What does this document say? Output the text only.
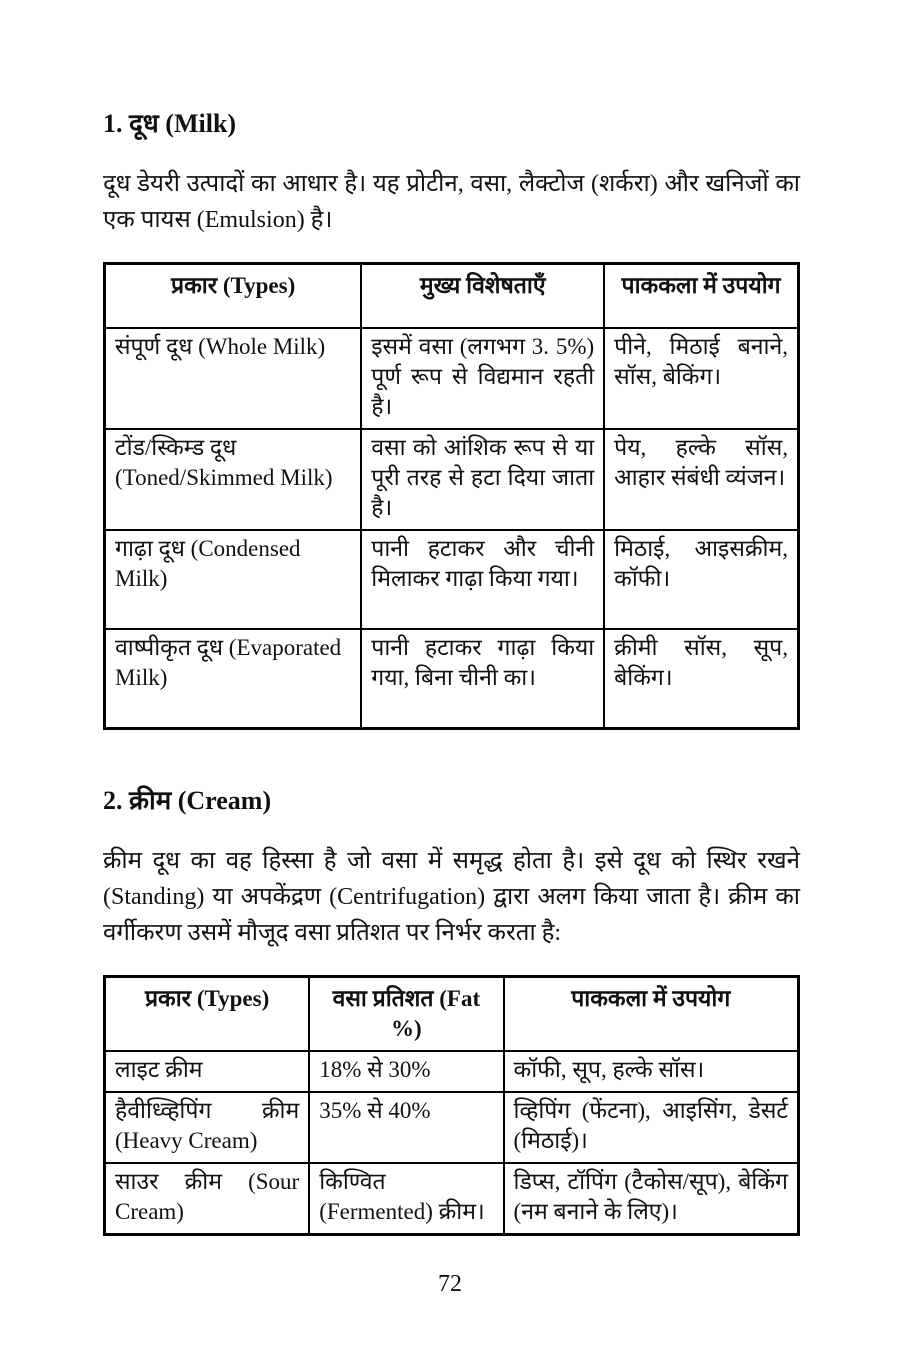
1. दूध (Milk)

दूध डेयरी उत्पादों का आधार है। यह प्रोटीन, वसा, लैक्टोज (शर्करा) और खनिजों का एक पायस (Emulsion) है।

प्रकार (Types)	मुख्य विशेषताएँ	पाककला में उपयोग
संपूर्ण दूध (Whole Milk)	इसमें वसा (लगभग 3. 5%) पूर्ण रूप से विद्यमान रहती है।	पीने, मिठाई बनाने, सॉस, बेकिंग।
टोंड/स्किम्ड दूध (Toned/Skimmed Milk)	वसा को आंशिक रूप से या पूरी तरह से हटा दिया जाता है।	पेय, हल्के सॉस, आहार संबंधी व्यंजन।
गाढ़ा दूध (Condensed Milk)	पानी हटाकर और चीनी मिलाकर गाढ़ा किया गया।	मिठाई, आइसक्रीम, कॉफी।
वाष्पीकृत दूध (Evaporated Milk)	पानी हटाकर गाढ़ा किया गया, बिना चीनी का।	क्रीमी सॉस, सूप, बेकिंग।
2. क्रीम (Cream)

क्रीम दूध का वह हिस्सा है जो वसा में समृद्ध होता है। इसे दूध को स्थिर रखने (Standing) या अपकेंद्रण (Centrifugation) द्वारा अलग किया जाता है। क्रीम का वर्गीकरण उसमें मौजूद वसा प्रतिशत पर निर्भर करता है:

प्रकार (Types)	वसा प्रतिशत (Fat %)	पाककला में उपयोग
लाइट क्रीम	18% से 30%	कॉफी, सूप, हल्के सॉस।
हैवीध्व्हिपिंग क्रीम (Heavy Cream)	35% से 40%	व्हिपिंग (फेंटना), आइसिंग, डेसर्ट (मिठाई)।
साउर क्रीम (Sour Cream)	किण्वित (Fermented) क्रीम।	डिप्स, टॉपिंग (टैकोस/सूप), बेकिंग (नम बनाने के लिए)।
72
